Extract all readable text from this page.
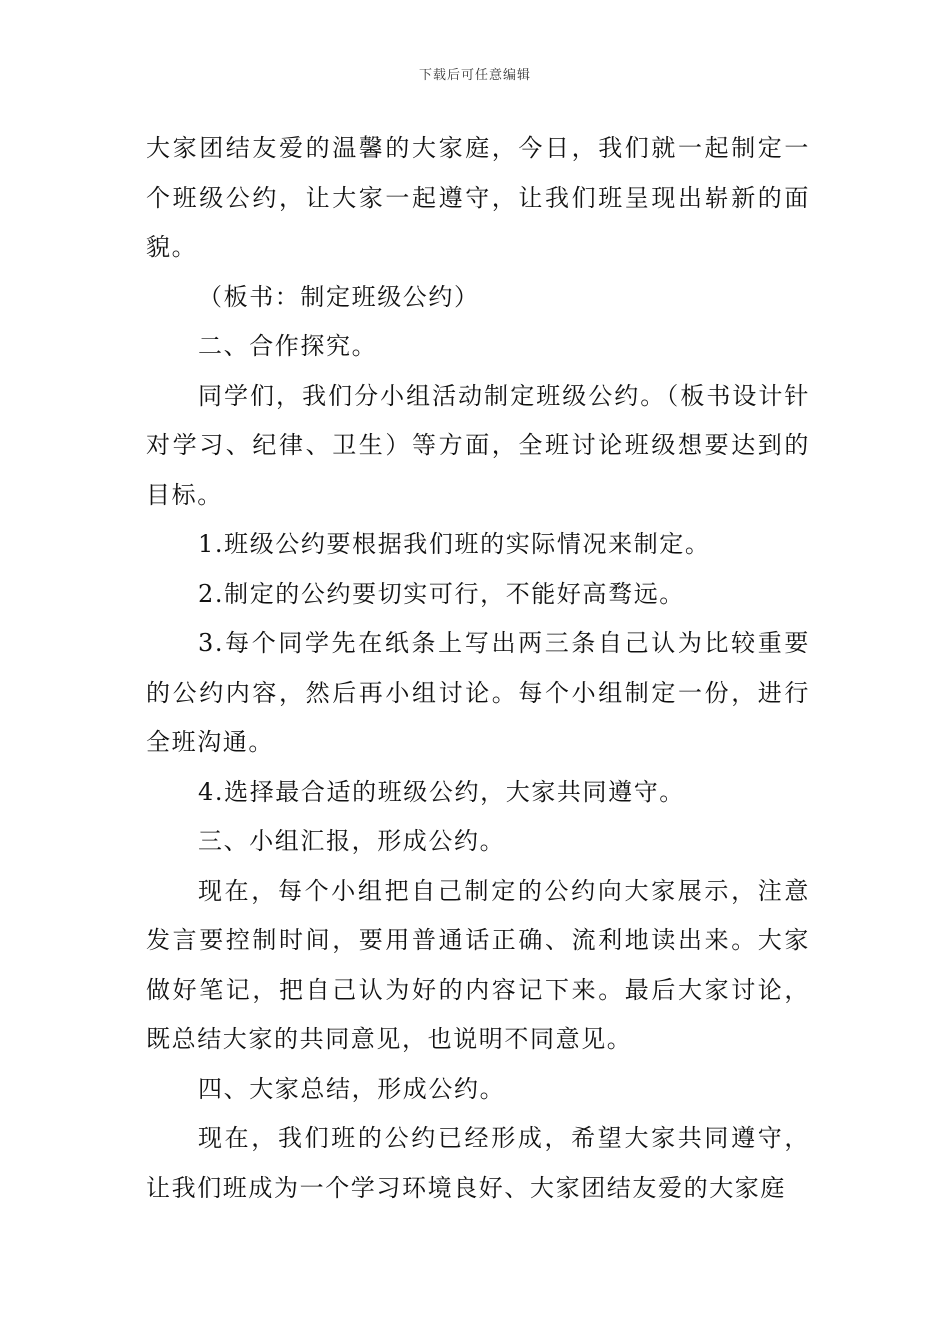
下载后可任意编辑

大家团结友爱的温馨的大家庭，今日，我们就一起制定一个班级公约，让大家一起遵守，让我们班呈现出崭新的面貌。

（板书：制定班级公约）

二、合作探究。

同学们，我们分小组活动制定班级公约。（板书设计针对学习、纪律、卫生）等方面，全班讨论班级想要达到的目标。

1.班级公约要根据我们班的实际情况来制定。

2.制定的公约要切实可行，不能好高骛远。

3.每个同学先在纸条上写出两三条自己认为比较重要的公约内容，然后再小组讨论。每个小组制定一份，进行全班沟通。

4.选择最合适的班级公约，大家共同遵守。

三、小组汇报，形成公约。

现在，每个小组把自己制定的公约向大家展示，注意发言要控制时间，要用普通话正确、流利地读出来。大家做好笔记，把自己认为好的内容记下来。最后大家讨论，既总结大家的共同意见，也说明不同意见。

四、大家总结，形成公约。

现在，我们班的公约已经形成，希望大家共同遵守，让我们班成为一个学习环境良好、大家团结友爱的大家庭
